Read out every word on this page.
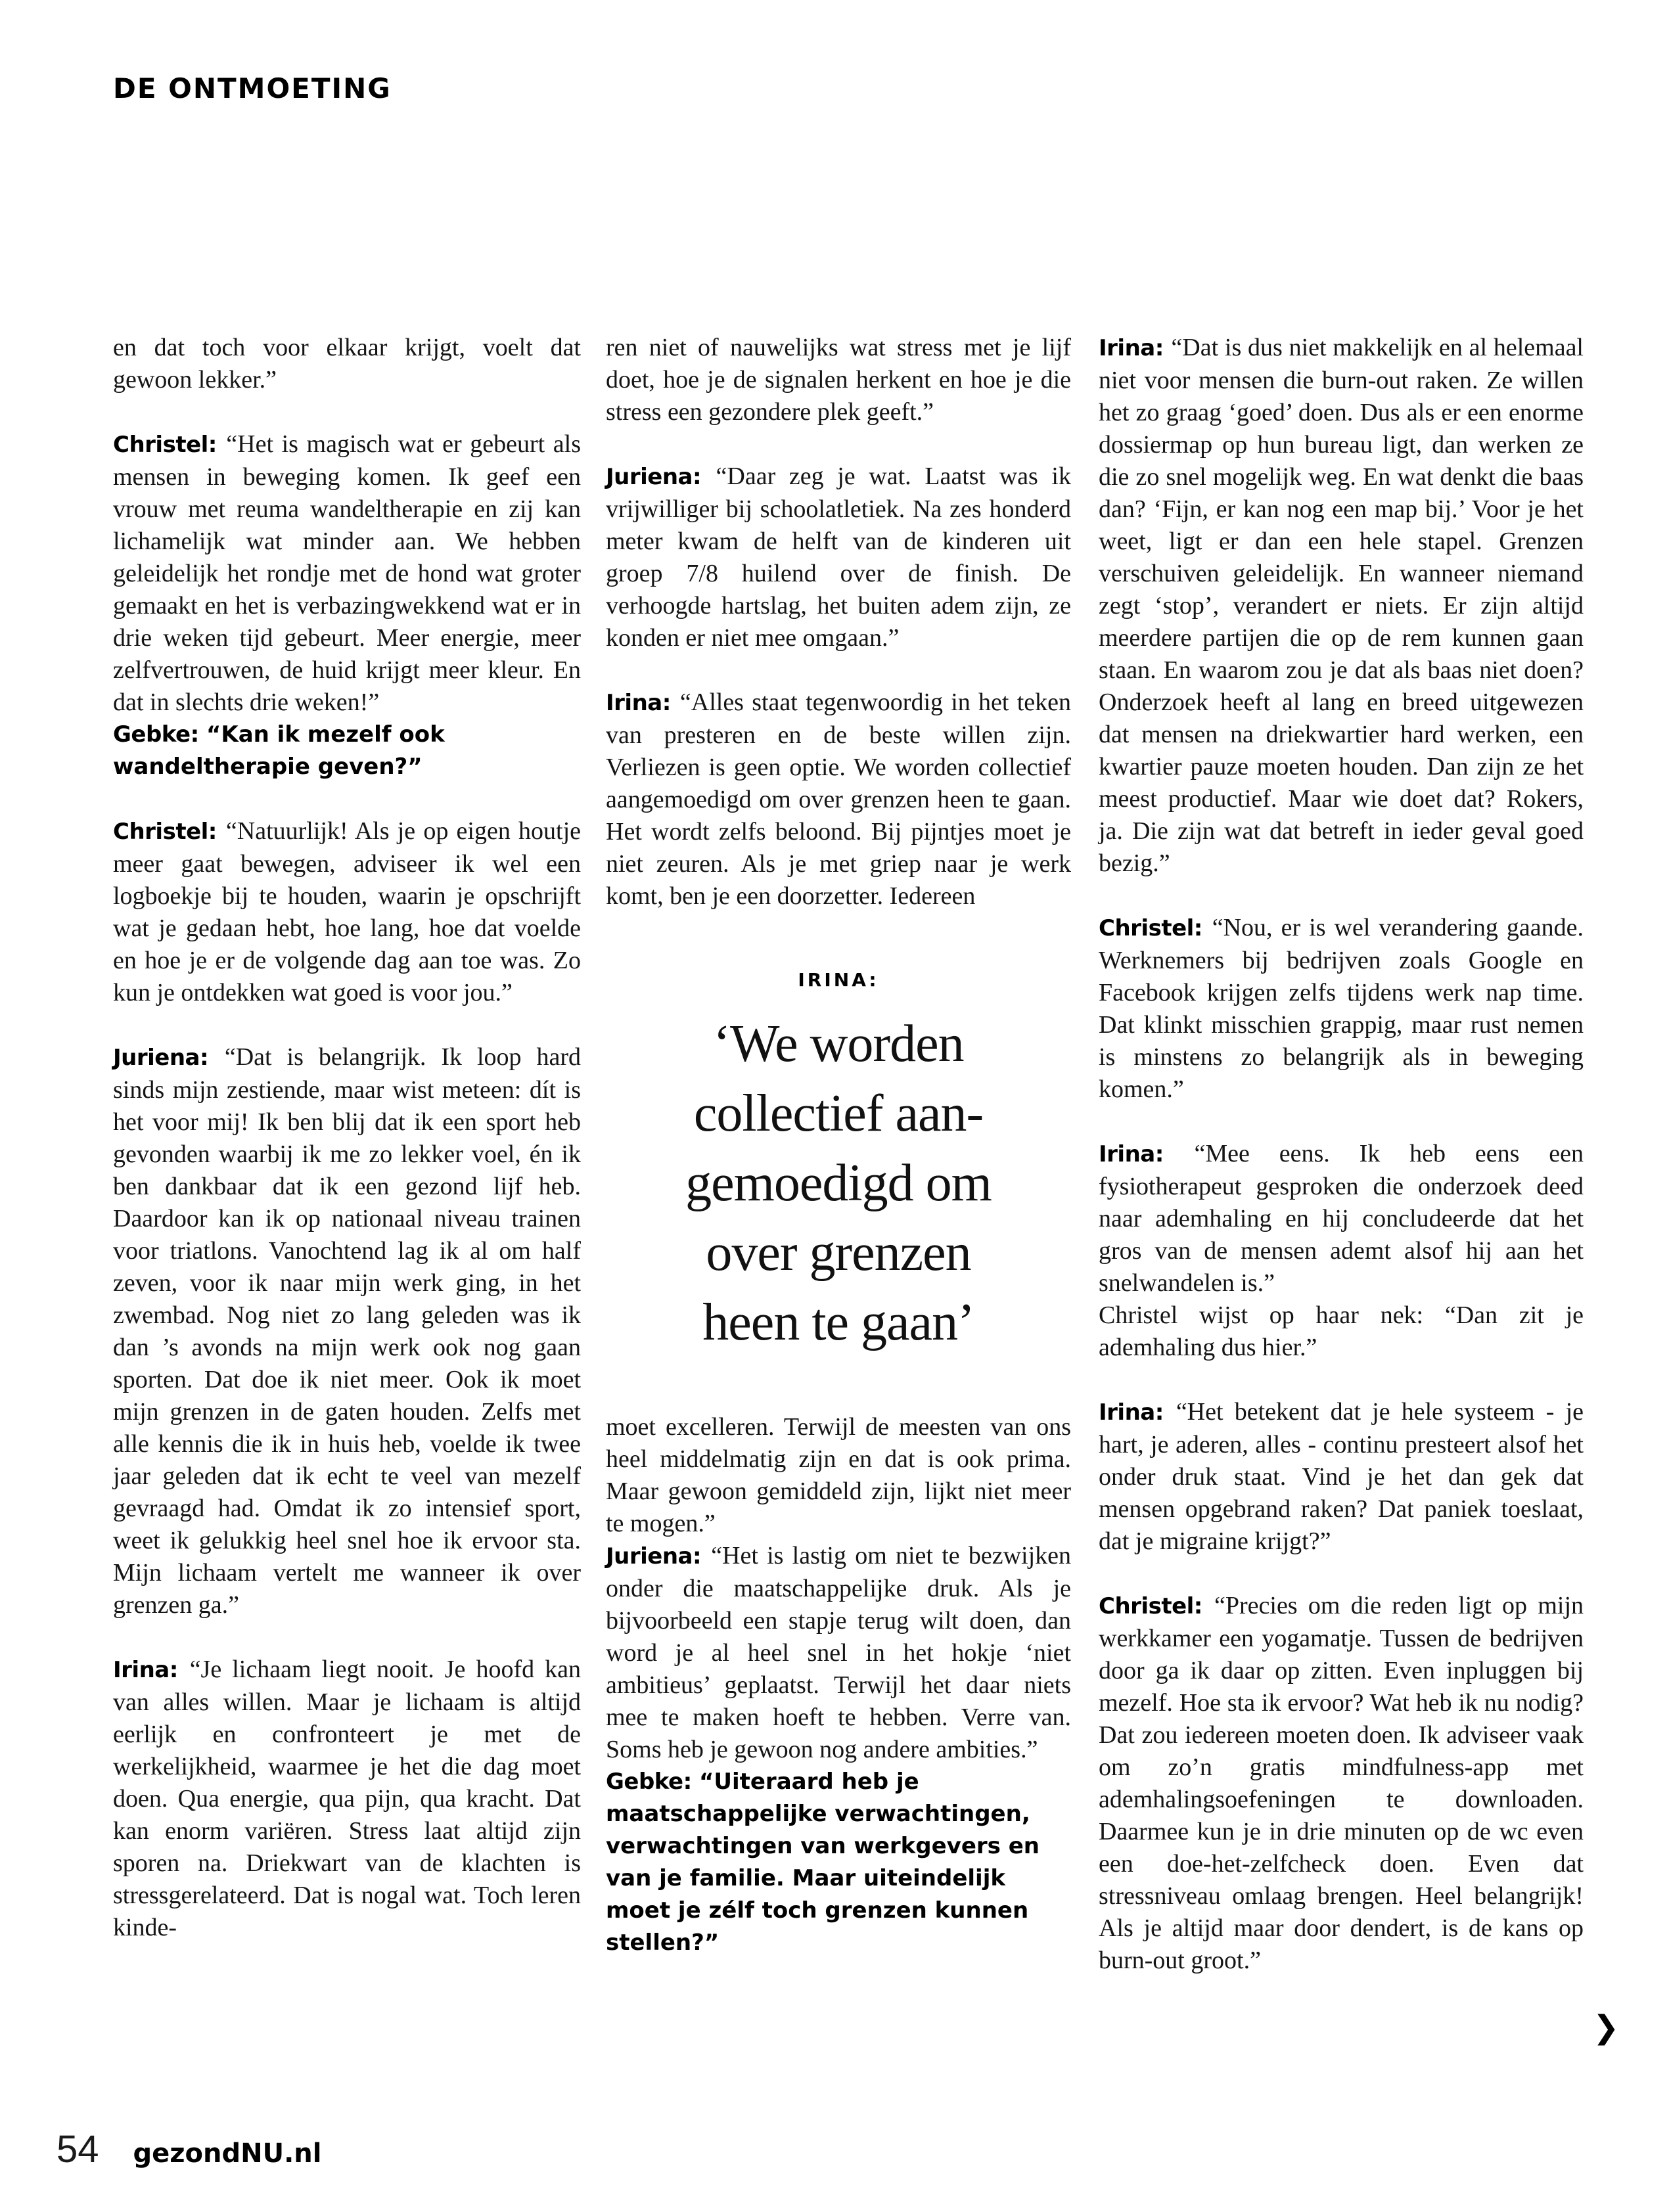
DE ONTMOETING

en dat toch voor elkaar krijgt, voelt dat gewoon lekker.”

Christel: “Het is magisch wat er gebeurt als mensen in beweging komen. Ik geef een vrouw met reuma wandeltherapie en zij kan lichamelijk wat minder aan. We hebben geleidelijk het rondje met de hond wat groter gemaakt en het is verbazingwekkend wat er in drie weken tijd gebeurt. Meer energie, meer zelfvertrouwen, de huid krijgt meer kleur. En dat in slechts drie weken!”

Gebke: “Kan ik mezelf ook wandeltherapie geven?”

Christel: “Natuurlijk! Als je op eigen houtje meer gaat bewegen, adviseer ik wel een logboekje bij te houden, waarin je opschrijft wat je gedaan hebt, hoe lang, hoe dat voelde en hoe je er de volgende dag aan toe was. Zo kun je ontdekken wat goed is voor jou.”

Juriena: “Dat is belangrijk. Ik loop hard sinds mijn zestiende, maar wist meteen: dít is het voor mij! Ik ben blij dat ik een sport heb gevonden waarbij ik me zo lekker voel, én ik ben dankbaar dat ik een gezond lijf heb. Daardoor kan ik op nationaal niveau trainen voor triatlons. Vanochtend lag ik al om half zeven, voor ik naar mijn werk ging, in het zwembad. Nog niet zo lang geleden was ik dan ’s avonds na mijn werk ook nog gaan sporten. Dat doe ik niet meer. Ook ik moet mijn grenzen in de gaten houden. Zelfs met alle kennis die ik in huis heb, voelde ik twee jaar geleden dat ik echt te veel van mezelf gevraagd had. Omdat ik zo intensief sport, weet ik gelukkig heel snel hoe ik ervoor sta. Mijn lichaam vertelt me wanneer ik over grenzen ga.”

Irina: “Je lichaam liegt nooit. Je hoofd kan van alles willen. Maar je lichaam is altijd eerlijk en confronteert je met de werkelijkheid, waarmee je het die dag moet doen. Qua energie, qua pijn, qua kracht. Dat kan enorm variëren. Stress laat altijd zijn sporen na. Driekwart van de klachten is stressgerelateerd. Dat is nogal wat. Toch leren kinde-

ren niet of nauwelijks wat stress met je lijf doet, hoe je de signalen herkent en hoe je die stress een gezondere plek geeft.”

Juriena: “Daar zeg je wat. Laatst was ik vrijwilliger bij schoolatletiek. Na zes honderd meter kwam de helft van de kinderen uit groep 7/8 huilend over de finish. De verhoogde hartslag, het buiten adem zijn, ze konden er niet mee omgaan.”

Irina: “Alles staat tegenwoordig in het teken van presteren en de beste willen zijn. Verliezen is geen optie. We worden collectief aangemoedigd om over grenzen heen te gaan. Het wordt zelfs beloond. Bij pijntjes moet je niet zeuren. Als je met griep naar je werk komt, ben je een doorzetter. Iedereen

IRINA:
‘We worden
collectief aan-
gemoedigd om
over grenzen
heen te gaan’

moet excelleren. Terwijl de meesten van ons heel middelmatig zijn en dat is ook prima. Maar gewoon gemiddeld zijn, lijkt niet meer te mogen.”

Juriena: “Het is lastig om niet te bezwijken onder die maatschappelijke druk. Als je bijvoorbeeld een stapje terug wilt doen, dan word je al heel snel in het hokje ‘niet ambitieus’ geplaatst. Terwijl het daar niets mee te maken hoeft te hebben. Verre van. Soms heb je gewoon nog andere ambities.”

Gebke: “Uiteraard heb je maatschappelijke verwachtingen, verwachtingen van werkgevers en van je familie. Maar uiteindelijk moet je zélf toch grenzen kunnen stellen?”

Irina: “Dat is dus niet makkelijk en al helemaal niet voor mensen die burn-out raken. Ze willen het zo graag ‘goed’ doen. Dus als er een enorme dossiermap op hun bureau ligt, dan werken ze die zo snel mogelijk weg. En wat denkt die baas dan? ‘Fijn, er kan nog een map bij.’ Voor je het weet, ligt er dan een hele stapel. Grenzen verschuiven geleidelijk. En wanneer niemand zegt ‘stop’, verandert er niets. Er zijn altijd meerdere partijen die op de rem kunnen gaan staan. En waarom zou je dat als baas niet doen? Onderzoek heeft al lang en breed uitgewezen dat mensen na driekwartier hard werken, een kwartier pauze moeten houden. Dan zijn ze het meest productief. Maar wie doet dat? Rokers, ja. Die zijn wat dat betreft in ieder geval goed bezig.”

Christel: “Nou, er is wel verandering gaande. Werknemers bij bedrijven zoals Google en Facebook krijgen zelfs tijdens werk nap time. Dat klinkt misschien grappig, maar rust nemen is minstens zo belangrijk als in beweging komen.”

Irina: “Mee eens. Ik heb eens een fysiotherapeut gesproken die onderzoek deed naar ademhaling en hij concludeerde dat het gros van de mensen ademt alsof hij aan het snelwandelen is.”

Christel wijst op haar nek: “Dan zit je ademhaling dus hier.”

Irina: “Het betekent dat je hele systeem - je hart, je aderen, alles - continu presteert alsof het onder druk staat. Vind je het dan gek dat mensen opgebrand raken? Dat paniek toeslaat, dat je migraine krijgt?”

Christel: “Precies om die reden ligt op mijn werkkamer een yogamatje. Tussen de bedrijven door ga ik daar op zitten. Even inpluggen bij mezelf. Hoe sta ik ervoor? Wat heb ik nu nodig? Dat zou iedereen moeten doen. Ik adviseer vaak om zo’n gratis mindfulness-app met ademhalingsoefeningen te downloaden. Daarmee kun je in drie minuten op de wc even een doe-het-zelfcheck doen. Even dat stressniveau omlaag brengen. Heel belangrijk! Als je altijd maar door dendert, is de kans op burn-out groot.”

54 gezondNU.nl
❯
